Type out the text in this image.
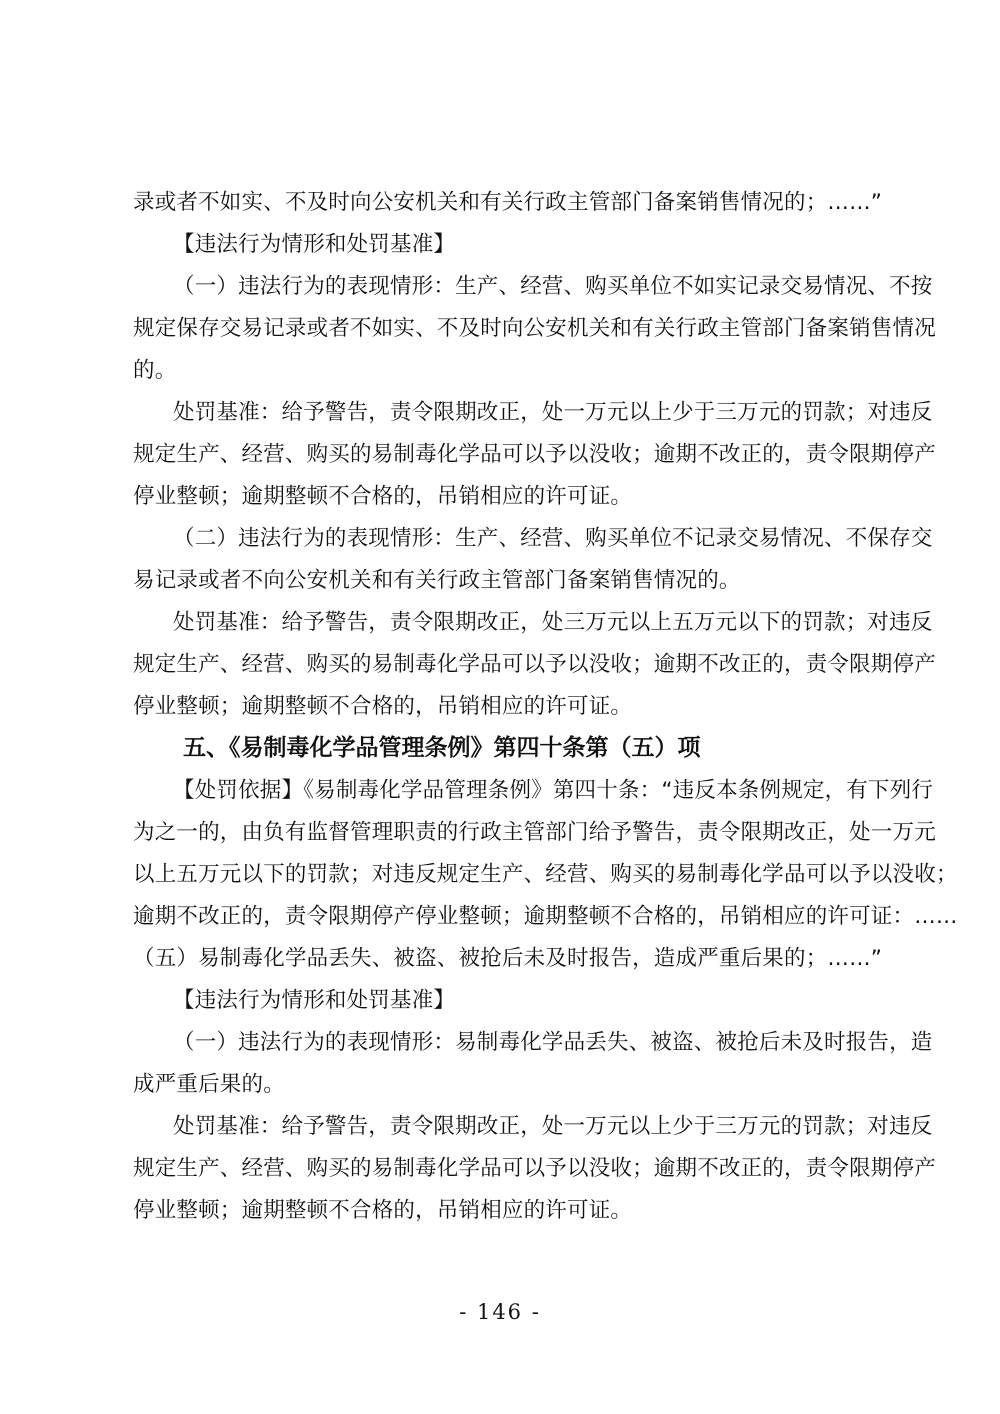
录或者不如实、不及时向公安机关和有关行政主管部门备案销售情况的；……”
【违法行为情形和处罚基准】
（一）违法行为的表现情形：生产、经营、购买单位不如实记录交易情况、不按
规定保存交易记录或者不如实、不及时向公安机关和有关行政主管部门备案销售情况
的。
处罚基准：给予警告，责令限期改正，处一万元以上少于三万元的罚款；对违反
规定生产、经营、购买的易制毒化学品可以予以没收；逾期不改正的，责令限期停产
停业整顿；逾期整顿不合格的，吊销相应的许可证。
（二）违法行为的表现情形：生产、经营、购买单位不记录交易情况、不保存交
易记录或者不向公安机关和有关行政主管部门备案销售情况的。
处罚基准：给予警告，责令限期改正，处三万元以上五万元以下的罚款；对违反
规定生产、经营、购买的易制毒化学品可以予以没收；逾期不改正的，责令限期停产
停业整顿；逾期整顿不合格的，吊销相应的许可证。
五、《易制毒化学品管理条例》第四十条第（五）项
【处罚依据】《易制毒化学品管理条例》第四十条：“违反本条例规定，有下列行
为之一的，由负有监督管理职责的行政主管部门给予警告，责令限期改正，处一万元
以上五万元以下的罚款；对违反规定生产、经营、购买的易制毒化学品可以予以没收；
逾期不改正的，责令限期停产停业整顿；逾期整顿不合格的，吊销相应的许可证：……
（五）易制毒化学品丢失、被盗、被抢后未及时报告，造成严重后果的；……”
【违法行为情形和处罚基准】
（一）违法行为的表现情形：易制毒化学品丢失、被盗、被抢后未及时报告，造
成严重后果的。
处罚基准：给予警告，责令限期改正，处一万元以上少于三万元的罚款；对违反
规定生产、经营、购买的易制毒化学品可以予以没收；逾期不改正的，责令限期停产
停业整顿；逾期整顿不合格的，吊销相应的许可证。
- 146 -
